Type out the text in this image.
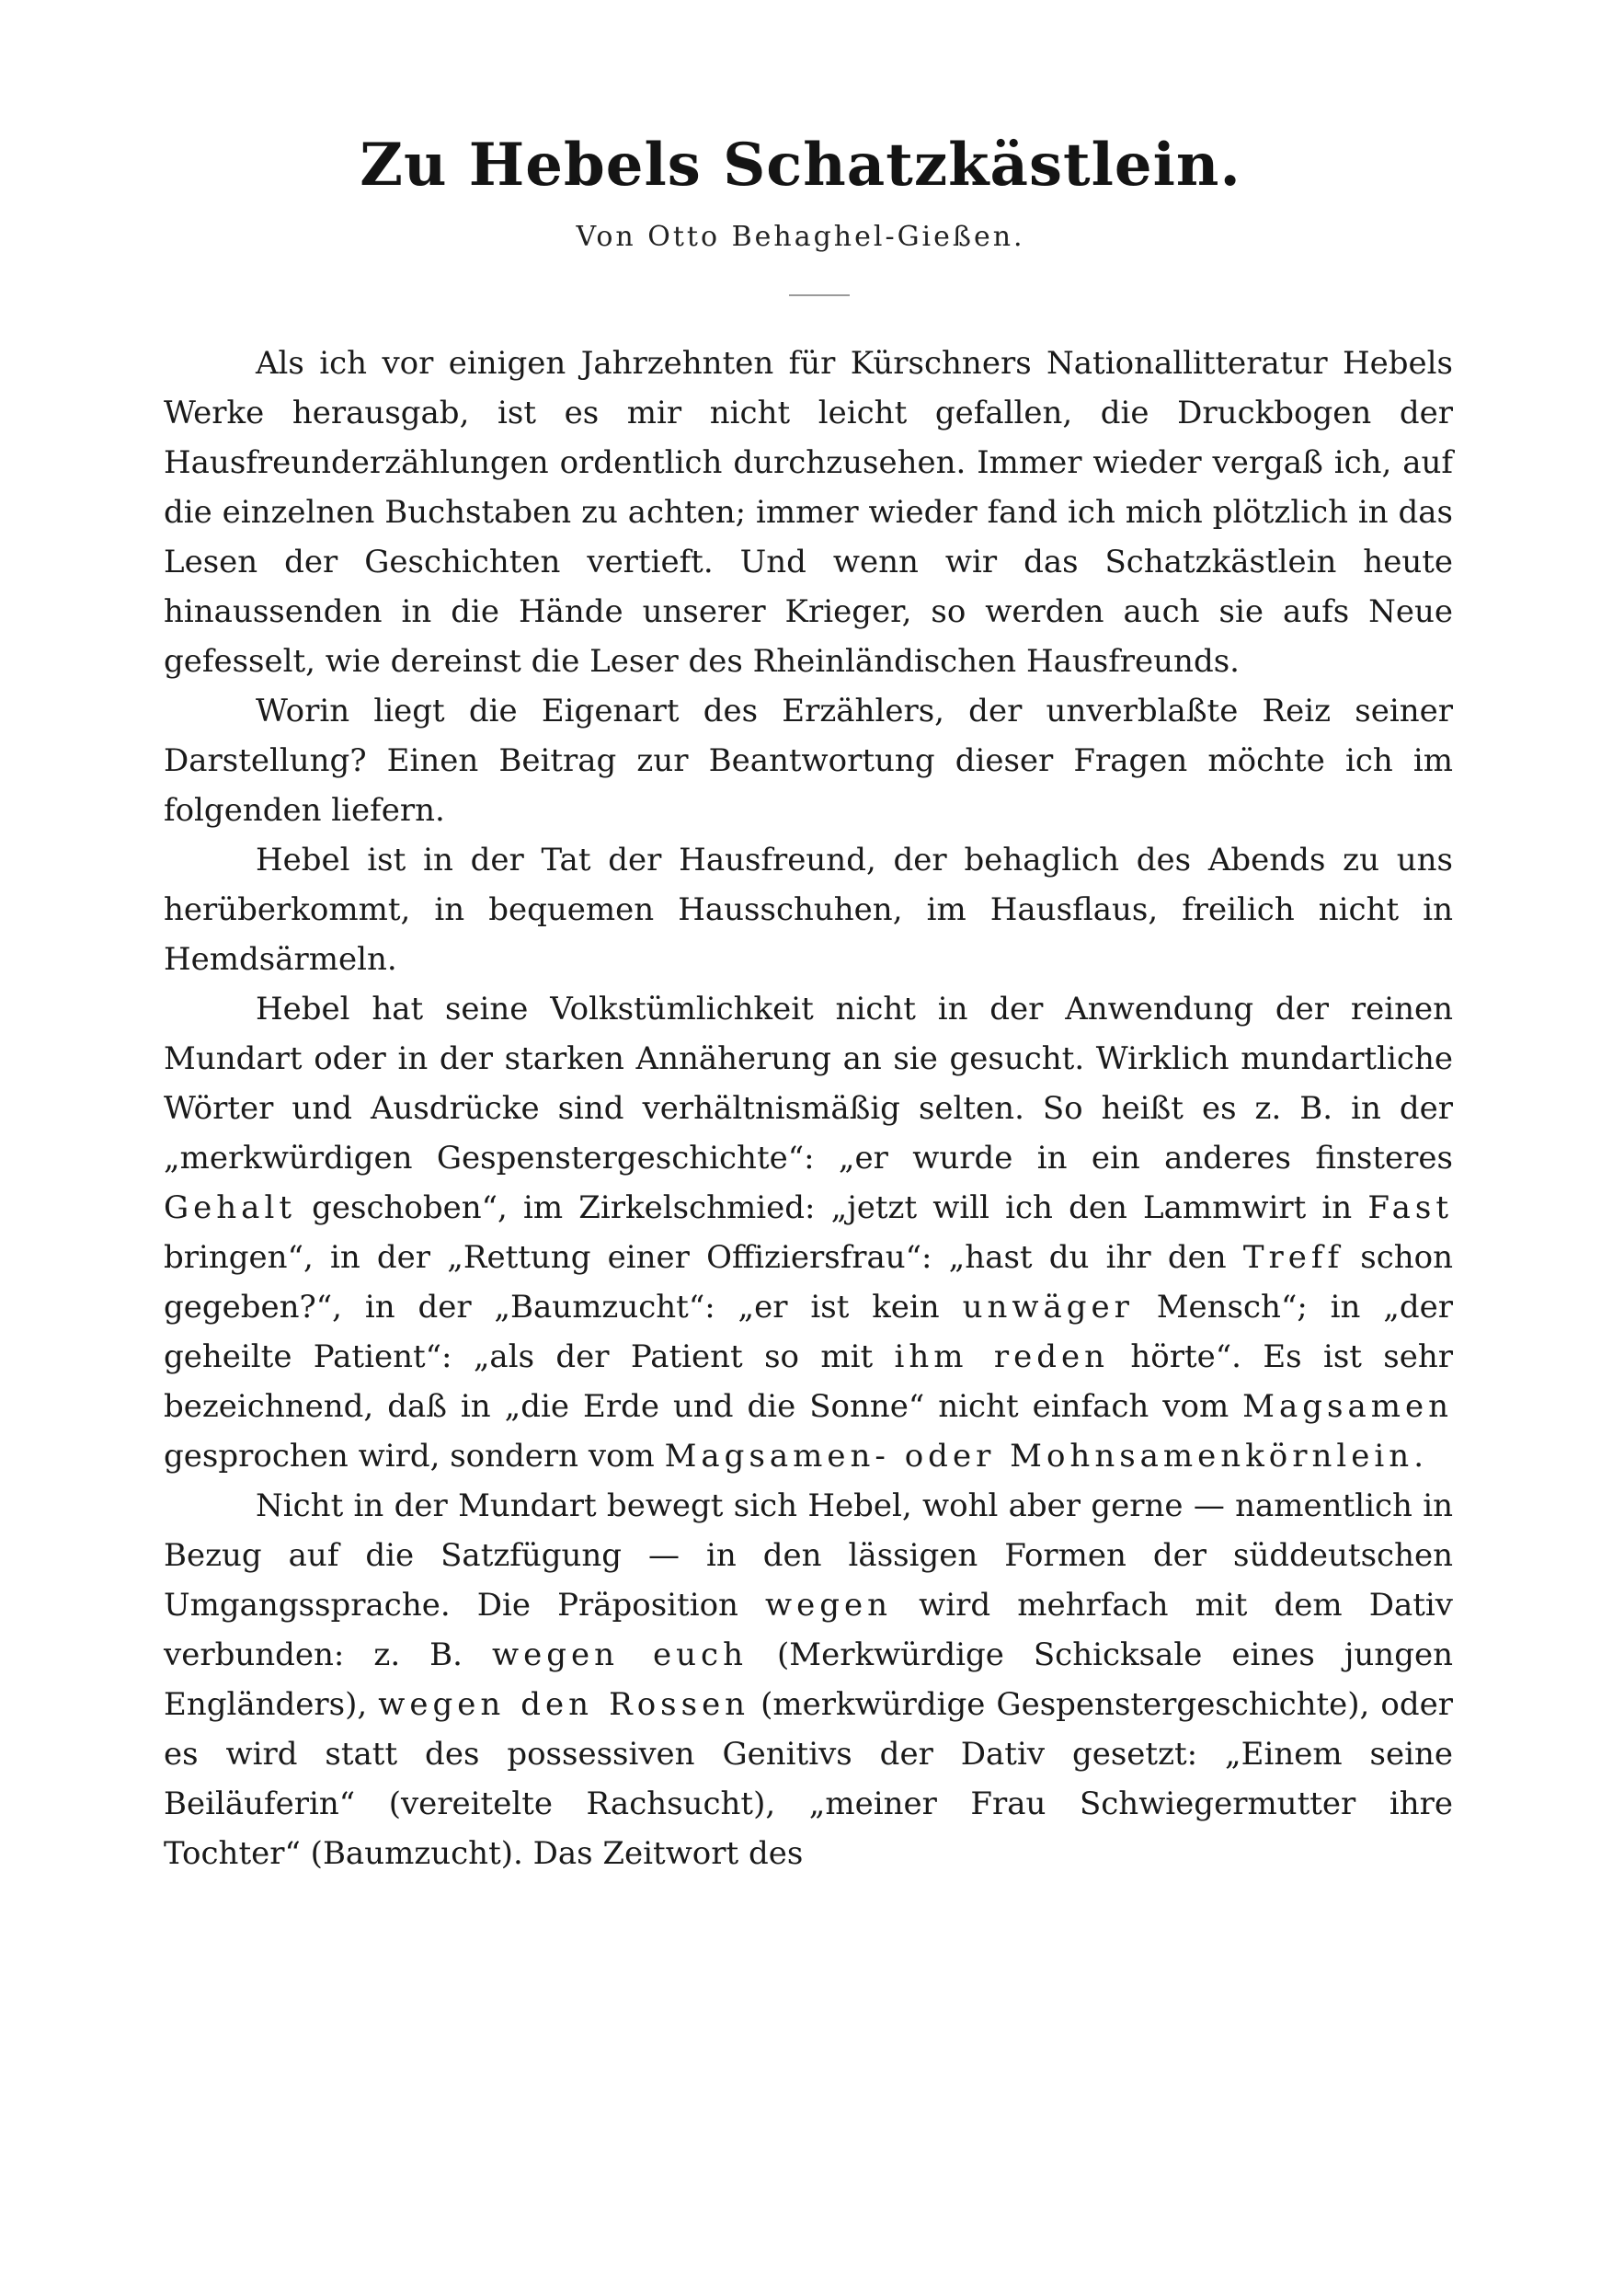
Zu Hebels Schatzkästlein.
Von Otto Behaghel-Gießen.

Als ich vor einigen Jahrzehnten für Kürschners Nationallitteratur Hebels Werke herausgab, ist es mir nicht leicht gefallen, die Druckbogen der Hausfreunderzählungen ordentlich durchzusehen. Immer wieder vergaß ich, auf die einzelnen Buchstaben zu achten; immer wieder fand ich mich plötzlich in das Lesen der Geschichten vertieft. Und wenn wir das Schatzkästlein heute hinaussenden in die Hände unserer Krieger, so werden auch sie aufs Neue gefesselt, wie dereinst die Leser des Rheinländischen Hausfreunds.

Worin liegt die Eigenart des Erzählers, der unverblaßte Reiz seiner Darstellung? Einen Beitrag zur Beantwortung dieser Fragen möchte ich im folgenden liefern.

Hebel ist in der Tat der Hausfreund, der behaglich des Abends zu uns herüberkommt, in bequemen Hausschuhen, im Hausflaus, freilich nicht in Hemdsärmeln.

Hebel hat seine Volkstümlichkeit nicht in der Anwendung der reinen Mundart oder in der starken Annäherung an sie gesucht. Wirklich mundartliche Wörter und Ausdrücke sind verhältnismäßig selten. So heißt es z. B. in der „merkwürdigen Gespenstergeschichte“: „er wurde in ein anderes finsteres Gehalt geschoben“, im Zirkelschmied: „jetzt will ich den Lammwirt in Fast bringen“, in der „Rettung einer Offiziersfrau“: „hast du ihr den Treff schon gegeben?“, in der „Baumzucht“: „er ist kein unwäger Mensch“; in „der geheilte Patient“: „als der Patient so mit ihm reden hörte“. Es ist sehr bezeichnend, daß in „die Erde und die Sonne“ nicht einfach vom Magsamen gesprochen wird, sondern vom Magsamen- oder Mohnsamenkörnlein.

Nicht in der Mundart bewegt sich Hebel, wohl aber gerne — namentlich in Bezug auf die Satzfügung — in den lässigen Formen der süddeutschen Umgangssprache. Die Präposition wegen wird mehrfach mit dem Dativ verbunden: z. B. wegen euch (Merkwürdige Schicksale eines jungen Engländers), wegen den Rossen (merkwürdige Gespenstergeschichte), oder es wird statt des possessiven Genitivs der Dativ gesetzt: „Einem seine Beiläuferin“ (vereitelte Rachsucht), „meiner Frau Schwiegermutter ihre Tochter“ (Baumzucht). Das Zeitwort des
